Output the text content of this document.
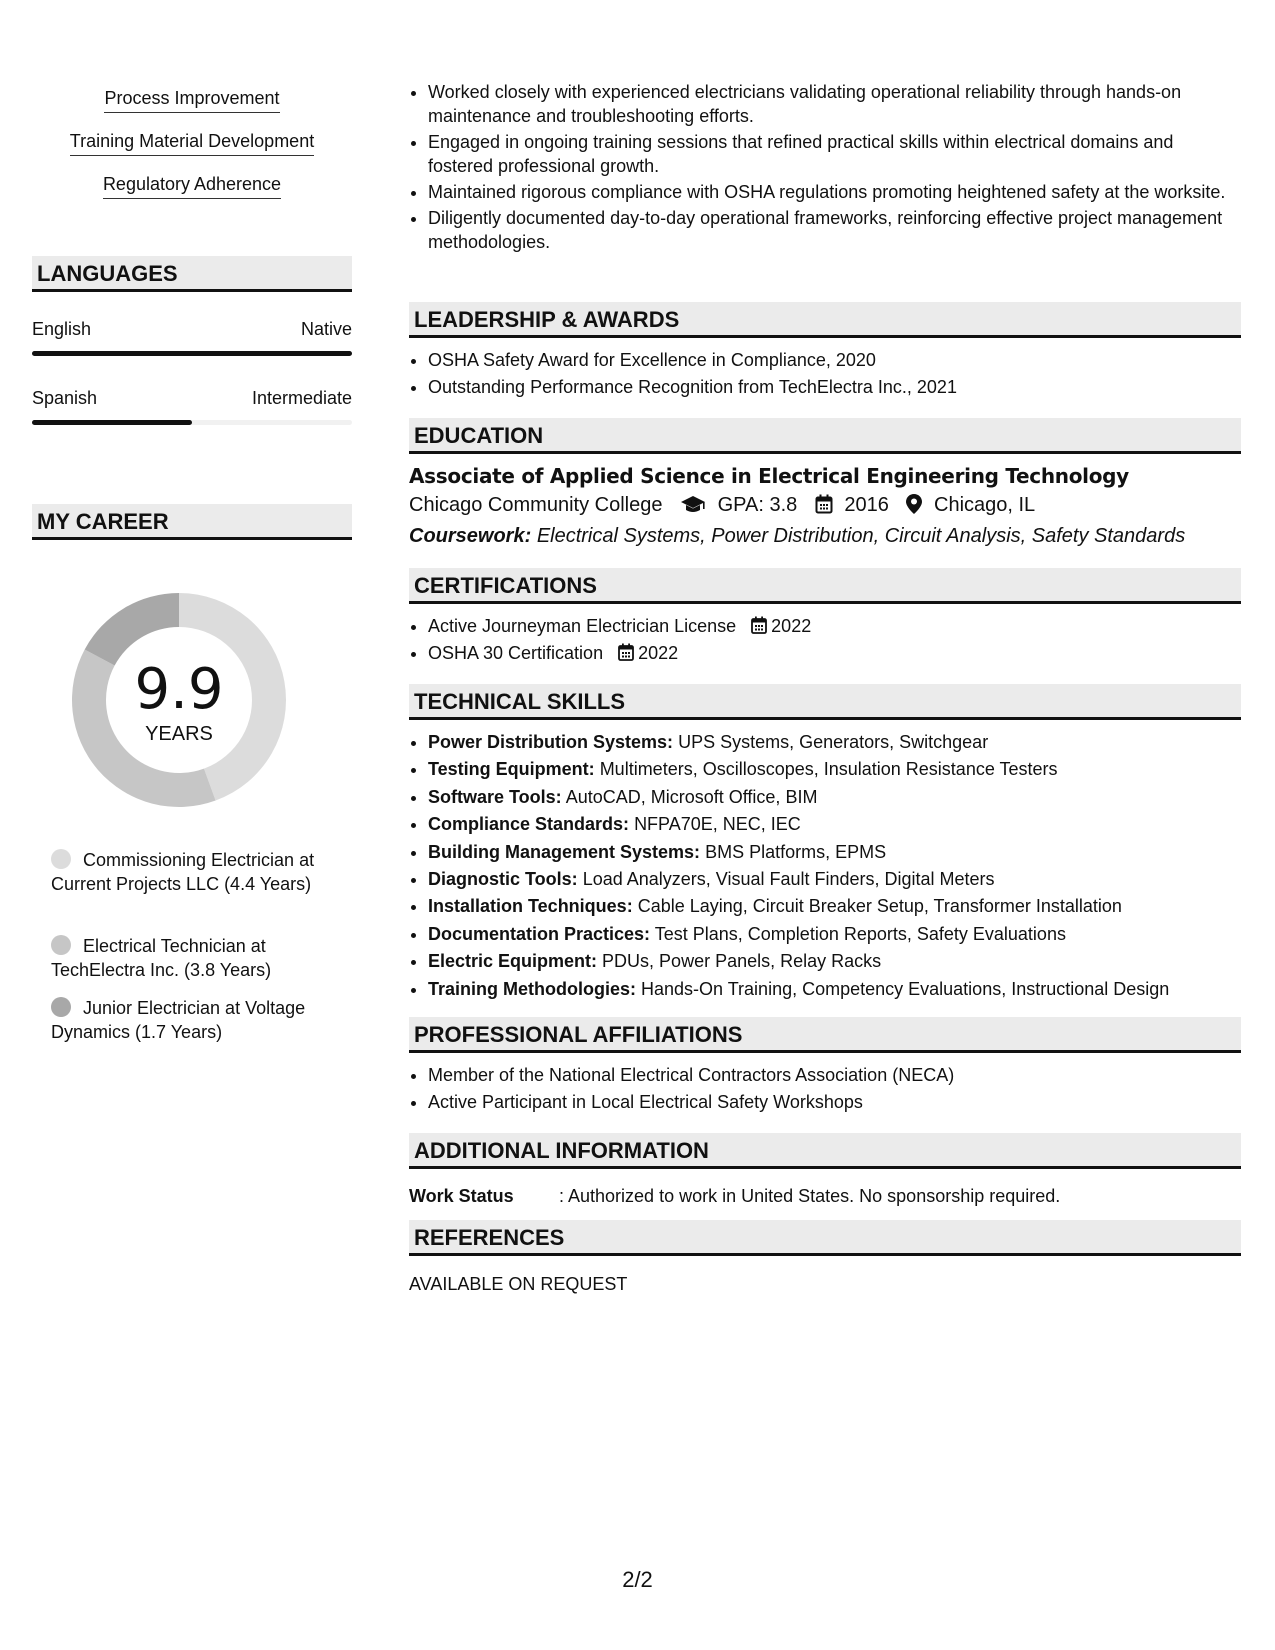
Process Improvement
Training Material Development
Regulatory Adherence
LANGUAGES
English	Native
Spanish	Intermediate
MY CAREER
9.9
YEARS
Commissioning Electrician at Current Projects LLC (4.4 Years)
Electrical Technician at TechElectra Inc. (3.8 Years)
Junior Electrician at Voltage Dynamics (1.7 Years)
• Worked closely with experienced electricians validating operational reliability through hands-on maintenance and troubleshooting efforts.
• Engaged in ongoing training sessions that refined practical skills within electrical domains and fostered professional growth.
• Maintained rigorous compliance with OSHA regulations promoting heightened safety at the worksite.
• Diligently documented day-to-day operational frameworks, reinforcing effective project management methodologies.
LEADERSHIP & AWARDS
• OSHA Safety Award for Excellence in Compliance, 2020
• Outstanding Performance Recognition from TechElectra Inc., 2021
EDUCATION
Associate of Applied Science in Electrical Engineering Technology
Chicago Community College	GPA: 3.8 2016 Chicago, IL
Coursework: Electrical Systems, Power Distribution, Circuit Analysis, Safety Standards
CERTIFICATIONS
• Active Journeyman Electrician License 2022
• OSHA 30 Certification 2022
TECHNICAL SKILLS
• Power Distribution Systems: UPS Systems, Generators, Switchgear
• Testing Equipment: Multimeters, Oscilloscopes, Insulation Resistance Testers
• Software Tools: AutoCAD, Microsoft Office, BIM
• Compliance Standards: NFPA70E, NEC, IEC
• Building Management Systems: BMS Platforms, EPMS
• Diagnostic Tools: Load Analyzers, Visual Fault Finders, Digital Meters
• Installation Techniques: Cable Laying, Circuit Breaker Setup, Transformer Installation
• Documentation Practices: Test Plans, Completion Reports, Safety Evaluations
• Electric Equipment: PDUs, Power Panels, Relay Racks
• Training Methodologies: Hands-On Training, Competency Evaluations, Instructional Design
PROFESSIONAL AFFILIATIONS
• Member of the National Electrical Contractors Association (NECA)
• Active Participant in Local Electrical Safety Workshops
ADDITIONAL INFORMATION
Work Status	: Authorized to work in United States. No sponsorship required.
REFERENCES
AVAILABLE ON REQUEST
2/2
